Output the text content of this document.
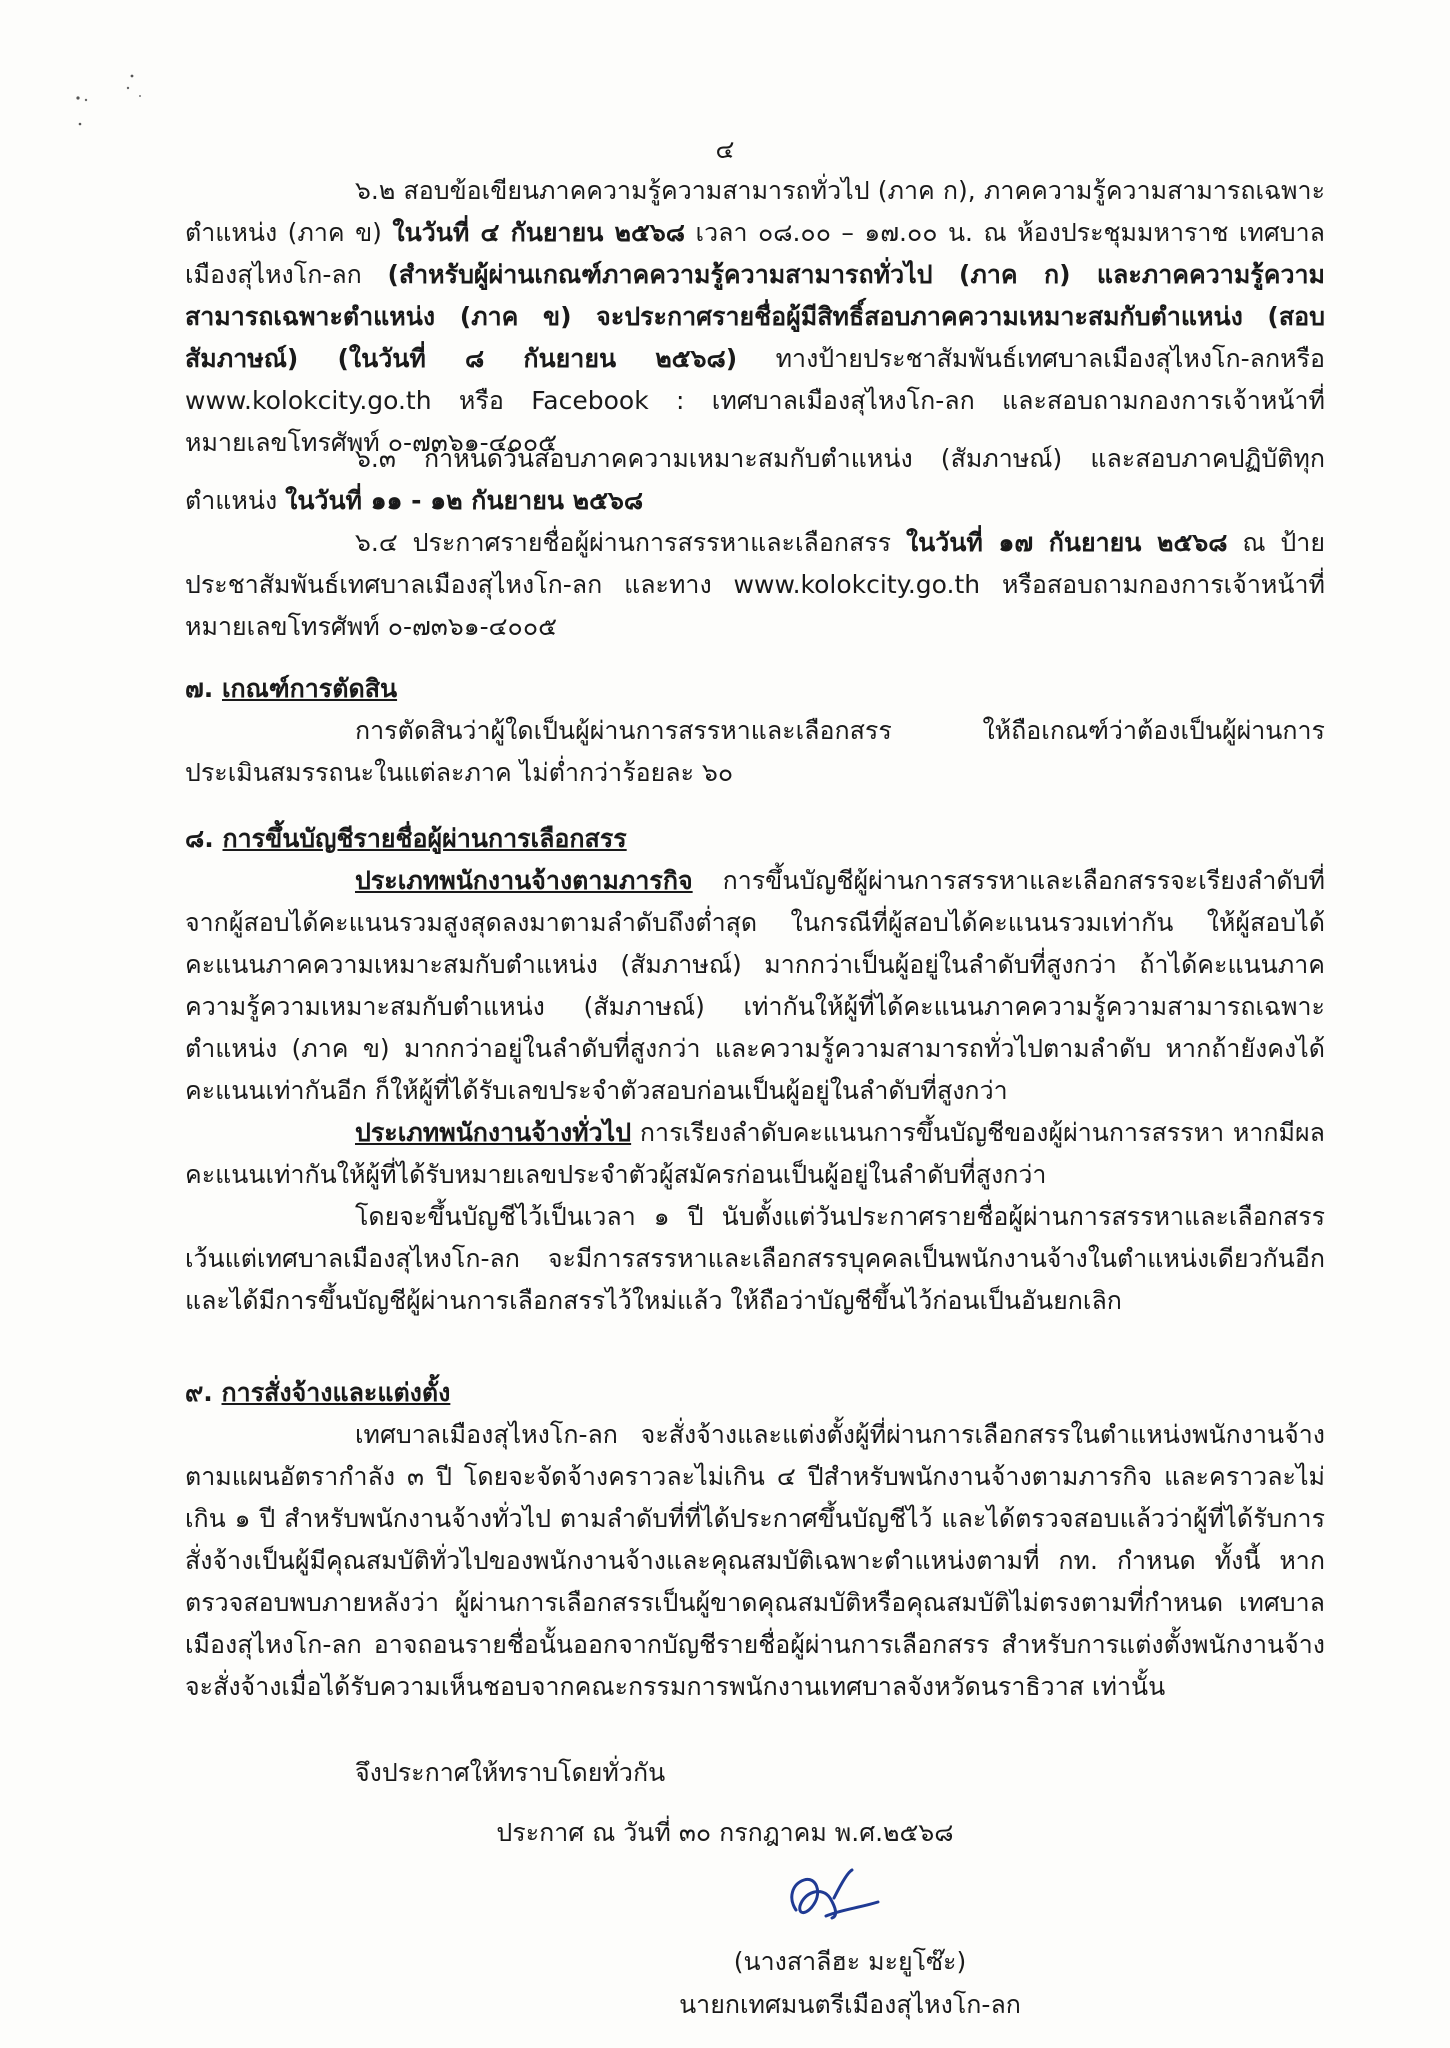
๔

๖.๒ สอบข้อเขียนภาคความรู้ความสามารถทั่วไป (ภาค ก), ภาคความรู้ความสามารถเฉพาะตำแหน่ง (ภาค ข) ในวันที่ ๔ กันยายน ๒๕๖๘ เวลา ๐๘.๐๐ – ๑๗.๐๐ น. ณ ห้องประชุมมหาราช เทศบาลเมืองสุไหงโก-ลก (สำหรับผู้ผ่านเกณฑ์ภาคความรู้ความสามารถทั่วไป (ภาค ก) และภาคความรู้ความสามารถเฉพาะตำแหน่ง (ภาค ข) จะประกาศรายชื่อผู้มีสิทธิ์สอบภาคความเหมาะสมกับตำแหน่ง (สอบสัมภาษณ์) (ในวันที่ ๘ กันยายน ๒๕๖๘) ทางป้ายประชาสัมพันธ์เทศบาลเมืองสุไหงโก-ลกหรือ www.kolokcity.go.th หรือ Facebook : เทศบาลเมืองสุไหงโก-ลก และสอบถามกองการเจ้าหน้าที่ หมายเลขโทรศัพท์ ๐-๗๓๖๑-๔๐๐๕

๖.๓ กำหนดวันสอบภาคความเหมาะสมกับตำแหน่ง (สัมภาษณ์) และสอบภาคปฏิบัติทุกตำแหน่ง ในวันที่ ๑๑ - ๑๒ กันยายน ๒๕๖๘

๖.๔ ประกาศรายชื่อผู้ผ่านการสรรหาและเลือกสรร ในวันที่ ๑๗ กันยายน ๒๕๖๘ ณ ป้ายประชาสัมพันธ์เทศบาลเมืองสุไหงโก-ลก และทาง www.kolokcity.go.th หรือสอบถามกองการเจ้าหน้าที่ หมายเลขโทรศัพท์ ๐-๗๓๖๑-๔๐๐๕

๗. เกณฑ์การตัดสิน

การตัดสินว่าผู้ใดเป็นผู้ผ่านการสรรหาและเลือกสรร ให้ถือเกณฑ์ว่าต้องเป็นผู้ผ่านการประเมินสมรรถนะในแต่ละภาค ไม่ต่ำกว่าร้อยละ ๖๐

๘. การขึ้นบัญชีรายชื่อผู้ผ่านการเลือกสรร

ประเภทพนักงานจ้างตามภารกิจ การขึ้นบัญชีผู้ผ่านการสรรหาและเลือกสรรจะเรียงลำดับที่จากผู้สอบได้คะแนนรวมสูงสุดลงมาตามลำดับถึงต่ำสุด ในกรณีที่ผู้สอบได้คะแนนรวมเท่ากัน ให้ผู้สอบได้คะแนนภาคความเหมาะสมกับตำแหน่ง (สัมภาษณ์) มากกว่าเป็นผู้อยู่ในลำดับที่สูงกว่า ถ้าได้คะแนนภาคความรู้ความเหมาะสมกับตำแหน่ง (สัมภาษณ์) เท่ากันให้ผู้ที่ได้คะแนนภาคความรู้ความสามารถเฉพาะตำแหน่ง (ภาค ข) มากกว่าอยู่ในลำดับที่สูงกว่า และความรู้ความสามารถทั่วไปตามลำดับ หากถ้ายังคงได้คะแนนเท่ากันอีก ก็ให้ผู้ที่ได้รับเลขประจำตัวสอบก่อนเป็นผู้อยู่ในลำดับที่สูงกว่า

ประเภทพนักงานจ้างทั่วไป การเรียงลำดับคะแนนการขึ้นบัญชีของผู้ผ่านการสรรหา หากมีผลคะแนนเท่ากันให้ผู้ที่ได้รับหมายเลขประจำตัวผู้สมัครก่อนเป็นผู้อยู่ในลำดับที่สูงกว่า

โดยจะขึ้นบัญชีไว้เป็นเวลา ๑ ปี นับตั้งแต่วันประกาศรายชื่อผู้ผ่านการสรรหาและเลือกสรร เว้นแต่เทศบาลเมืองสุไหงโก-ลก จะมีการสรรหาและเลือกสรรบุคคลเป็นพนักงานจ้างในตำแหน่งเดียวกันอีก และได้มีการขึ้นบัญชีผู้ผ่านการเลือกสรรไว้ใหม่แล้ว ให้ถือว่าบัญชีขึ้นไว้ก่อนเป็นอันยกเลิก

๙. การสั่งจ้างและแต่งตั้ง

เทศบาลเมืองสุไหงโก-ลก จะสั่งจ้างและแต่งตั้งผู้ที่ผ่านการเลือกสรรในตำแหน่งพนักงานจ้างตามแผนอัตรากำลัง ๓ ปี โดยจะจัดจ้างคราวละไม่เกิน ๔ ปีสำหรับพนักงานจ้างตามภารกิจ และคราวละไม่เกิน ๑ ปี สำหรับพนักงานจ้างทั่วไป ตามลำดับที่ที่ได้ประกาศขึ้นบัญชีไว้ และได้ตรวจสอบแล้วว่าผู้ที่ได้รับการสั่งจ้างเป็นผู้มีคุณสมบัติทั่วไปของพนักงานจ้างและคุณสมบัติเฉพาะตำแหน่งตามที่ กท. กำหนด ทั้งนี้ หากตรวจสอบพบภายหลังว่า ผู้ผ่านการเลือกสรรเป็นผู้ขาดคุณสมบัติหรือคุณสมบัติไม่ตรงตามที่กำหนด เทศบาลเมืองสุไหงโก-ลก อาจถอนรายชื่อนั้นออกจากบัญชีรายชื่อผู้ผ่านการเลือกสรร สำหรับการแต่งตั้งพนักงานจ้าง จะสั่งจ้างเมื่อได้รับความเห็นชอบจากคณะกรรมการพนักงานเทศบาลจังหวัดนราธิวาส เท่านั้น

จึงประกาศให้ทราบโดยทั่วกัน

ประกาศ ณ วันที่ ๓๐ กรกฎาคม พ.ศ.๒๕๖๘
(นางสาลีฮะ มะยูโซ๊ะ)
นายกเทศมนตรีเมืองสุไหงโก-ลก
